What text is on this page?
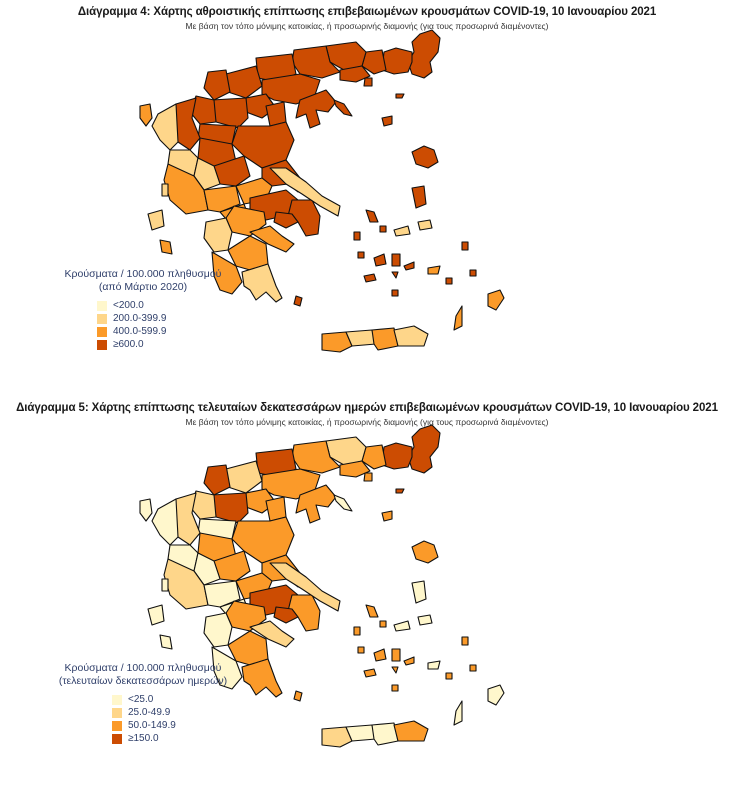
Διάγραμμα 4: Χάρτης αθροιστικής επίπτωσης επιβεβαιωμένων κρουσμάτων COVID-19, 10 Ιανουαρίου 2021
Με βάση τον τόπο μόνιμης κατοικίας, ή προσωρινής διαμονής (για τους προσωρινά διαμένοντες)
Κρούσματα / 100.000 πληθυσμού
(από Μάρτιο 2020)
<200.0
200.0-399.9
400.0-599.9
≥600.0
Διάγραμμα 5: Χάρτης επίπτωσης τελευταίων δεκατεσσάρων ημερών επιβεβαιωμένων κρουσμάτων COVID-19, 10 Ιανουαρίου 2021
Με βάση τον τόπο μόνιμης κατοικίας, ή προσωρινής διαμονής (για τους προσωρινά διαμένοντες)
Κρούσματα / 100.000 πληθυσμού
(τελευταίων δεκατεσσάρων ημερών)
<25.0
25.0-49.9
50.0-149.9
≥150.0
